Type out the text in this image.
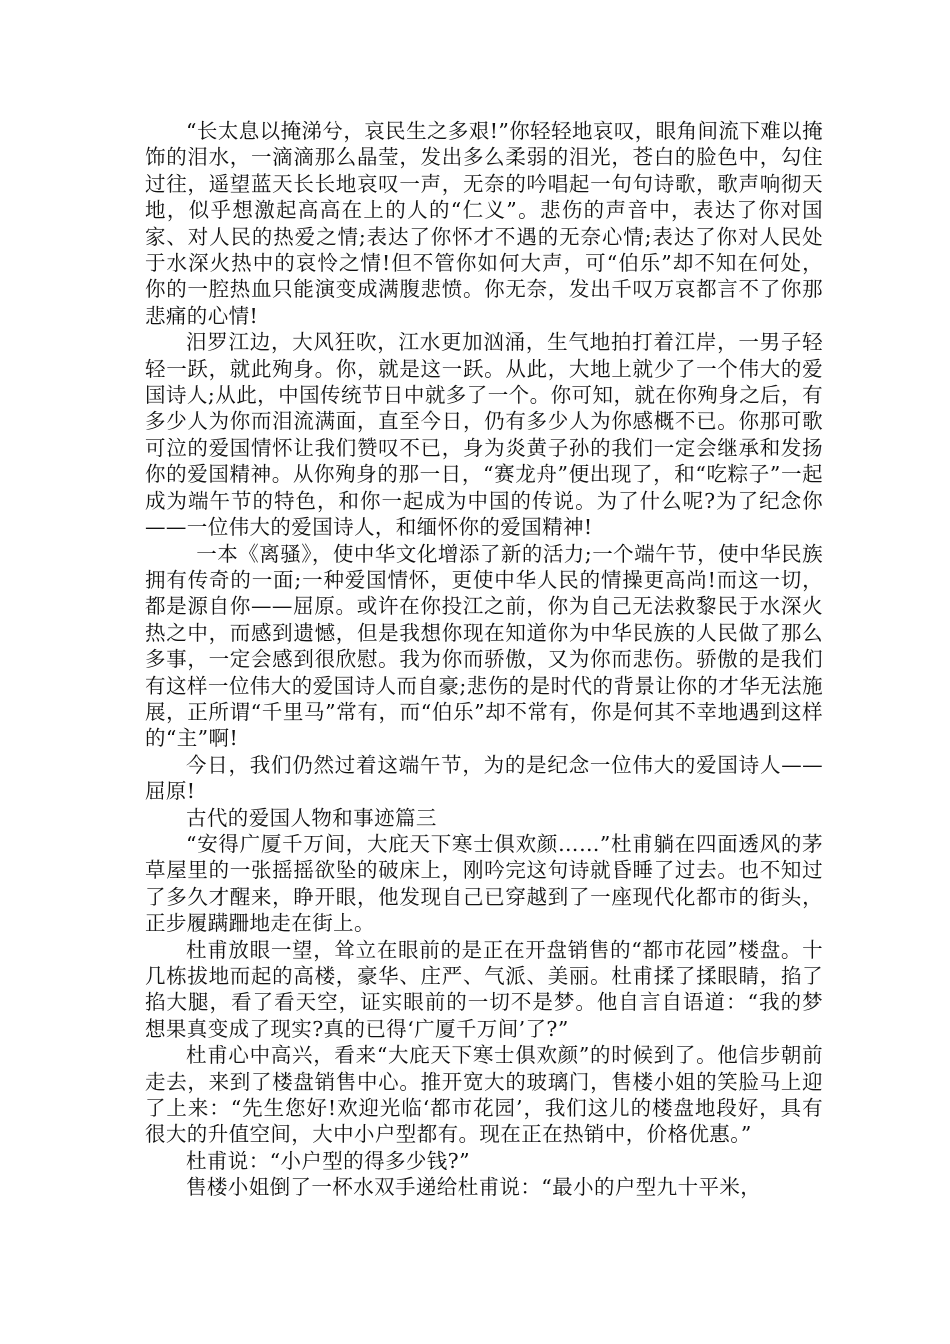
“长太息以掩涕兮，哀民生之多艰!”你轻轻地哀叹，眼角间流下难以掩饰的泪水，一滴滴那么晶莹，发出多么柔弱的泪光，苍白的脸色中，勾住过往，遥望蓝天长长地哀叹一声，无奈的吟唱起一句句诗歌，歌声响彻天地，似乎想激起高高在上的人的“仁义”。悲伤的声音中，表达了你对国家、对人民的热爱之情;表达了你怀才不遇的无奈心情;表达了你对人民处于水深火热中的哀怜之情!但不管你如何大声，可“伯乐”却不知在何处，你的一腔热血只能演变成满腹悲愤。你无奈，发出千叹万哀都言不了你那悲痛的心情!

汨罗江边，大风狂吹，江水更加汹涌，生气地拍打着江岸，一男子轻轻一跃，就此殉身。你，就是这一跃。从此，大地上就少了一个伟大的爱国诗人;从此，中国传统节日中就多了一个。你可知，就在你殉身之后，有多少人为你而泪流满面，直至今日，仍有多少人为你感概不已。你那可歌可泣的爱国情怀让我们赞叹不已，身为炎黄子孙的我们一定会继承和发扬你的爱国精神。从你殉身的那一日，“赛龙舟”便出现了，和“吃粽子”一起成为端午节的特色，和你一起成为中国的传说。为了什么呢?为了纪念你——一位伟大的爱国诗人，和缅怀你的爱国精神!

一本《离骚》，使中华文化增添了新的活力;一个端午节，使中华民族拥有传奇的一面;一种爱国情怀，更使中华人民的情操更高尚!而这一切，都是源自你——屈原。或许在你投江之前，你为自己无法救黎民于水深火热之中，而感到遗憾，但是我想你现在知道你为中华民族的人民做了那么多事，一定会感到很欣慰。我为你而骄傲，又为你而悲伤。骄傲的是我们有这样一位伟大的爱国诗人而自豪;悲伤的是时代的背景让你的才华无法施展，正所谓“千里马”常有，而“伯乐”却不常有，你是何其不幸地遇到这样的“主”啊!

今日，我们仍然过着这端午节，为的是纪念一位伟大的爱国诗人——屈原!

古代的爱国人物和事迹篇三

“安得广厦千万间，大庇天下寒士俱欢颜……”杜甫躺在四面透风的茅草屋里的一张摇摇欲坠的破床上，刚吟完这句诗就昏睡了过去。也不知过了多久才醒来，睁开眼，他发现自己已穿越到了一座现代化都市的街头，正步履蹒跚地走在街上。

杜甫放眼一望，耸立在眼前的是正在开盘销售的“都市花园”楼盘。十几栋拔地而起的高楼，豪华、庄严、气派、美丽。杜甫揉了揉眼睛，掐了掐大腿，看了看天空，证实眼前的一切不是梦。他自言自语道：“我的梦想果真变成了现实?真的已得‘广厦千万间’了?”

杜甫心中高兴，看来“大庇天下寒士俱欢颜”的时候到了。他信步朝前走去，来到了楼盘销售中心。推开宽大的玻璃门，售楼小姐的笑脸马上迎了上来：“先生您好!欢迎光临‘都市花园’，我们这儿的楼盘地段好，具有很大的升值空间，大中小户型都有。现在正在热销中，价格优惠。”

杜甫说：“小户型的得多少钱?”

售楼小姐倒了一杯水双手递给杜甫说：“最小的户型九十平米，
